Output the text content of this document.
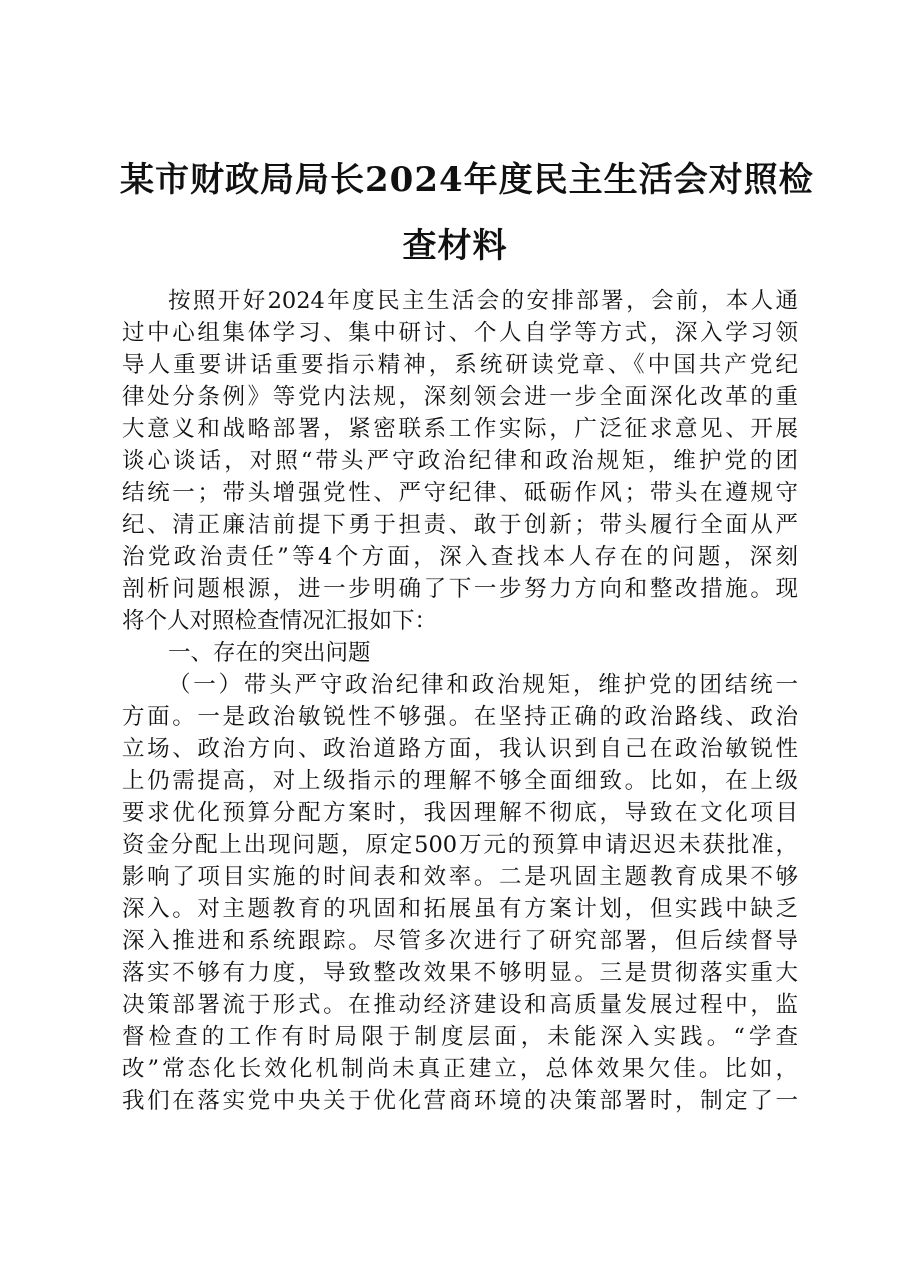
某市财政局局长2024年度民主生活会对照检
查材料
按照开好2024年度民主生活会的安排部署，会前，本人通
过中心组集体学习、集中研讨、个人自学等方式，深入学习领
导人重要讲话重要指示精神，系统研读党章、《中国共产党纪
律处分条例》等党内法规，深刻领会进一步全面深化改革的重
大意义和战略部署，紧密联系工作实际，广泛征求意见、开展
谈心谈话，对照“带头严守政治纪律和政治规矩，维护党的团
结统一；带头增强党性、严守纪律、砥砺作风；带头在遵规守
纪、清正廉洁前提下勇于担责、敢于创新；带头履行全面从严
治党政治责任”等4个方面，深入查找本人存在的问题，深刻
剖析问题根源，进一步明确了下一步努力方向和整改措施。现
将个人对照检查情况汇报如下：
一、存在的突出问题
（一）带头严守政治纪律和政治规矩，维护党的团结统一
方面。一是政治敏锐性不够强。在坚持正确的政治路线、政治
立场、政治方向、政治道路方面，我认识到自己在政治敏锐性
上仍需提高，对上级指示的理解不够全面细致。比如，在上级
要求优化预算分配方案时，我因理解不彻底，导致在文化项目
资金分配上出现问题，原定500万元的预算申请迟迟未获批准，
影响了项目实施的时间表和效率。二是巩固主题教育成果不够
深入。对主题教育的巩固和拓展虽有方案计划，但实践中缺乏
深入推进和系统跟踪。尽管多次进行了研究部署，但后续督导
落实不够有力度，导致整改效果不够明显。三是贯彻落实重大
决策部署流于形式。在推动经济建设和高质量发展过程中，监
督检查的工作有时局限于制度层面，未能深入实践。“学查
改”常态化长效化机制尚未真正建立，总体效果欠佳。比如，
我们在落实党中央关于优化营商环境的决策部署时，制定了一
